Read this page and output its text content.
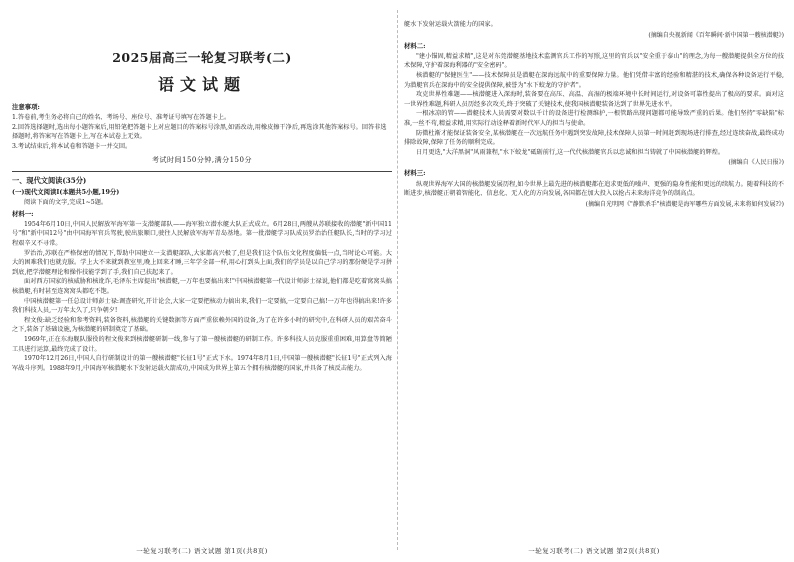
2025届高三一轮复习联考(二)
语文试题
注意事项:

1.答卷前,考生务必将自己的姓名、考场号、座位号、准考证号填写在答题卡上。

2.回答选择题时,选出每小题答案后,用铅笔把答题卡上对应题目的答案标号涂黑,如需改动,用橡皮擦干净后,再选涂其他答案标号。回答非选择题时,将答案写在答题卡上,写在本试卷上无效。

3.考试结束后,将本试卷和答题卡一并交回。

考试时间150分钟,满分150分
一、现代文阅读(35分)
(一)现代文阅读Ⅰ(本题共5小题,19分)

阅读下面的文字,完成1~5题。

材料一:

1954年6月10日,中国人民解放军海军第一支潜艇部队——海军独立潜水艇大队正式成立。6月28日,两艘从苏联接收的潜艇"新中国11号"和"新中国12号"由中国海军官兵驾驶,驶出旅顺口,驶往人民解放军海军青岛基地。第一批潜艇学习队成员罗治治任艇队长,当时的学习过程艰辛又不寻常。

罗治治,苏联在严格保密的情况下,帮助中国建立一支潜艇部队,大家都高兴极了,但是我们这个队伍文化程度偏低一点,当时论心可能。大大的困难我们也就克服。学上大不来就到教室里,晚上回来才睡,三年学全部一样,用心打到头上面,我们的学员是以自己学习的那份硬是学习拼到底,把学潜艇理论和操作技能学到了手,我们自己扶起来了。

面对西方国家的核威胁和核讹诈,毛泽东主席提出"核潜艇,一万年也要搞出来!"中国核潜艇第一代设计师彭士禄说,他们都是吃着窝窝头搞核潜艇,有时甚至连窝窝头都吃不饱。

中国核潜艇第一任总设计师彭士禄:调查研究,开计论会,大家一定要把核动力搞出来,我们一定要搞,一定要自己搞!一万年也得搞出来!许多我们科技人员,一万年太久了,只争朝夕!

程文俊:缺乏经验和参考资料,装备资料,核潜艇的关键数据等方面严重依赖外国的设备,为了在许多小时的研究中,在科研人员的艰苦奋斗之下,装备了基础设施,为核潜艇的研制奠定了基础。

1969年,正在东海舰队服役的程文俊来到核潜艇研制一线,参与了第一艘核潜艇的研制工作。许多科技人员克服重重困难,用算盘等简陋工具进行运算,最终完成了设计。

1970年12月26日,中国人自行研制设计的第一艘核潜艇"长征1号"正式下水。1974年8月1日,中国第一艘核潜艇"长征1号"正式列入海军战斗序列。1988年9月,中国海军核潜艇水下发射运载火箭成功,中国成为世界上第五个拥有核潜艇的国家,并具备了核反击能力。

一轮复习联考(二) 语文试题 第1页(共8页)

艇水下发射运载火箭能力的国家。

(摘编自央视新闻《百年瞬间·新中国第一艘核潜艇》)
材料二:

"建小锚固,精益求精",这是对东莞潜艇基地技术监测官兵工作的写照,这里的官兵以"安全重于泰山"的理念,为每一艘潜艇提供全方位的技术保障,守护着深海利器的"安全密码"。

核潜艇的"保健医生"——技术保障员是潜艇在深海远航中的重要保障力量。他们凭借丰富的经验和精湛的技术,确保各种设备运行平稳,为潜艇官兵在深海中的安全提供保障,被誉为"水下蛟龙的守护者"。

攻克世界性难题——核潜艇进入深海时,装备要在高压、高温、高湿的极端环境中长时间运行,对设备可靠性提出了极高的要求。面对这一世界性难题,科研人员历经多次攻关,终于突破了关键技术,使我国核潜艇装备达到了世界先进水平。

一根冰凉的管——潜艇技术人员需要对数以千计的设备进行检测维护,一根管路出现问题都可能导致严重的后果。他们坚持"零缺陷"标准,一丝不苟,精益求精,用实际行动诠释着新时代军人的担当与使命。

防微杜渐才能保证装备安全,某核潜艇在一次远航任务中遇到突发故障,技术保障人员第一时间赶到现场进行排查,经过连续奋战,最终成功排除故障,保障了任务的顺利完成。

日月更迭,"大洋黑洞"风雨兼程,"水下蛟龙"砥砺前行,这一代代核潜艇官兵以忠诚和担当铸就了中国核潜艇的辉煌。

(摘编自《人民日报》)
材料三:

纵观世界海军大国的核潜艇发展历程,如今世界上最先进的核潜艇都在追求更低的噪声、更强的隐身性能和更远的续航力。随着科技的不断进步,核潜艇正朝着智能化、信息化、无人化的方向发展,各国都在加大投入以抢占未来海洋竞争的制高点。

(摘编自光明网《"静默杀手"核潜艇是海军哪些方面发展,未来将如何发展?》)
一轮复习联考(二) 语文试题 第2页(共8页)
